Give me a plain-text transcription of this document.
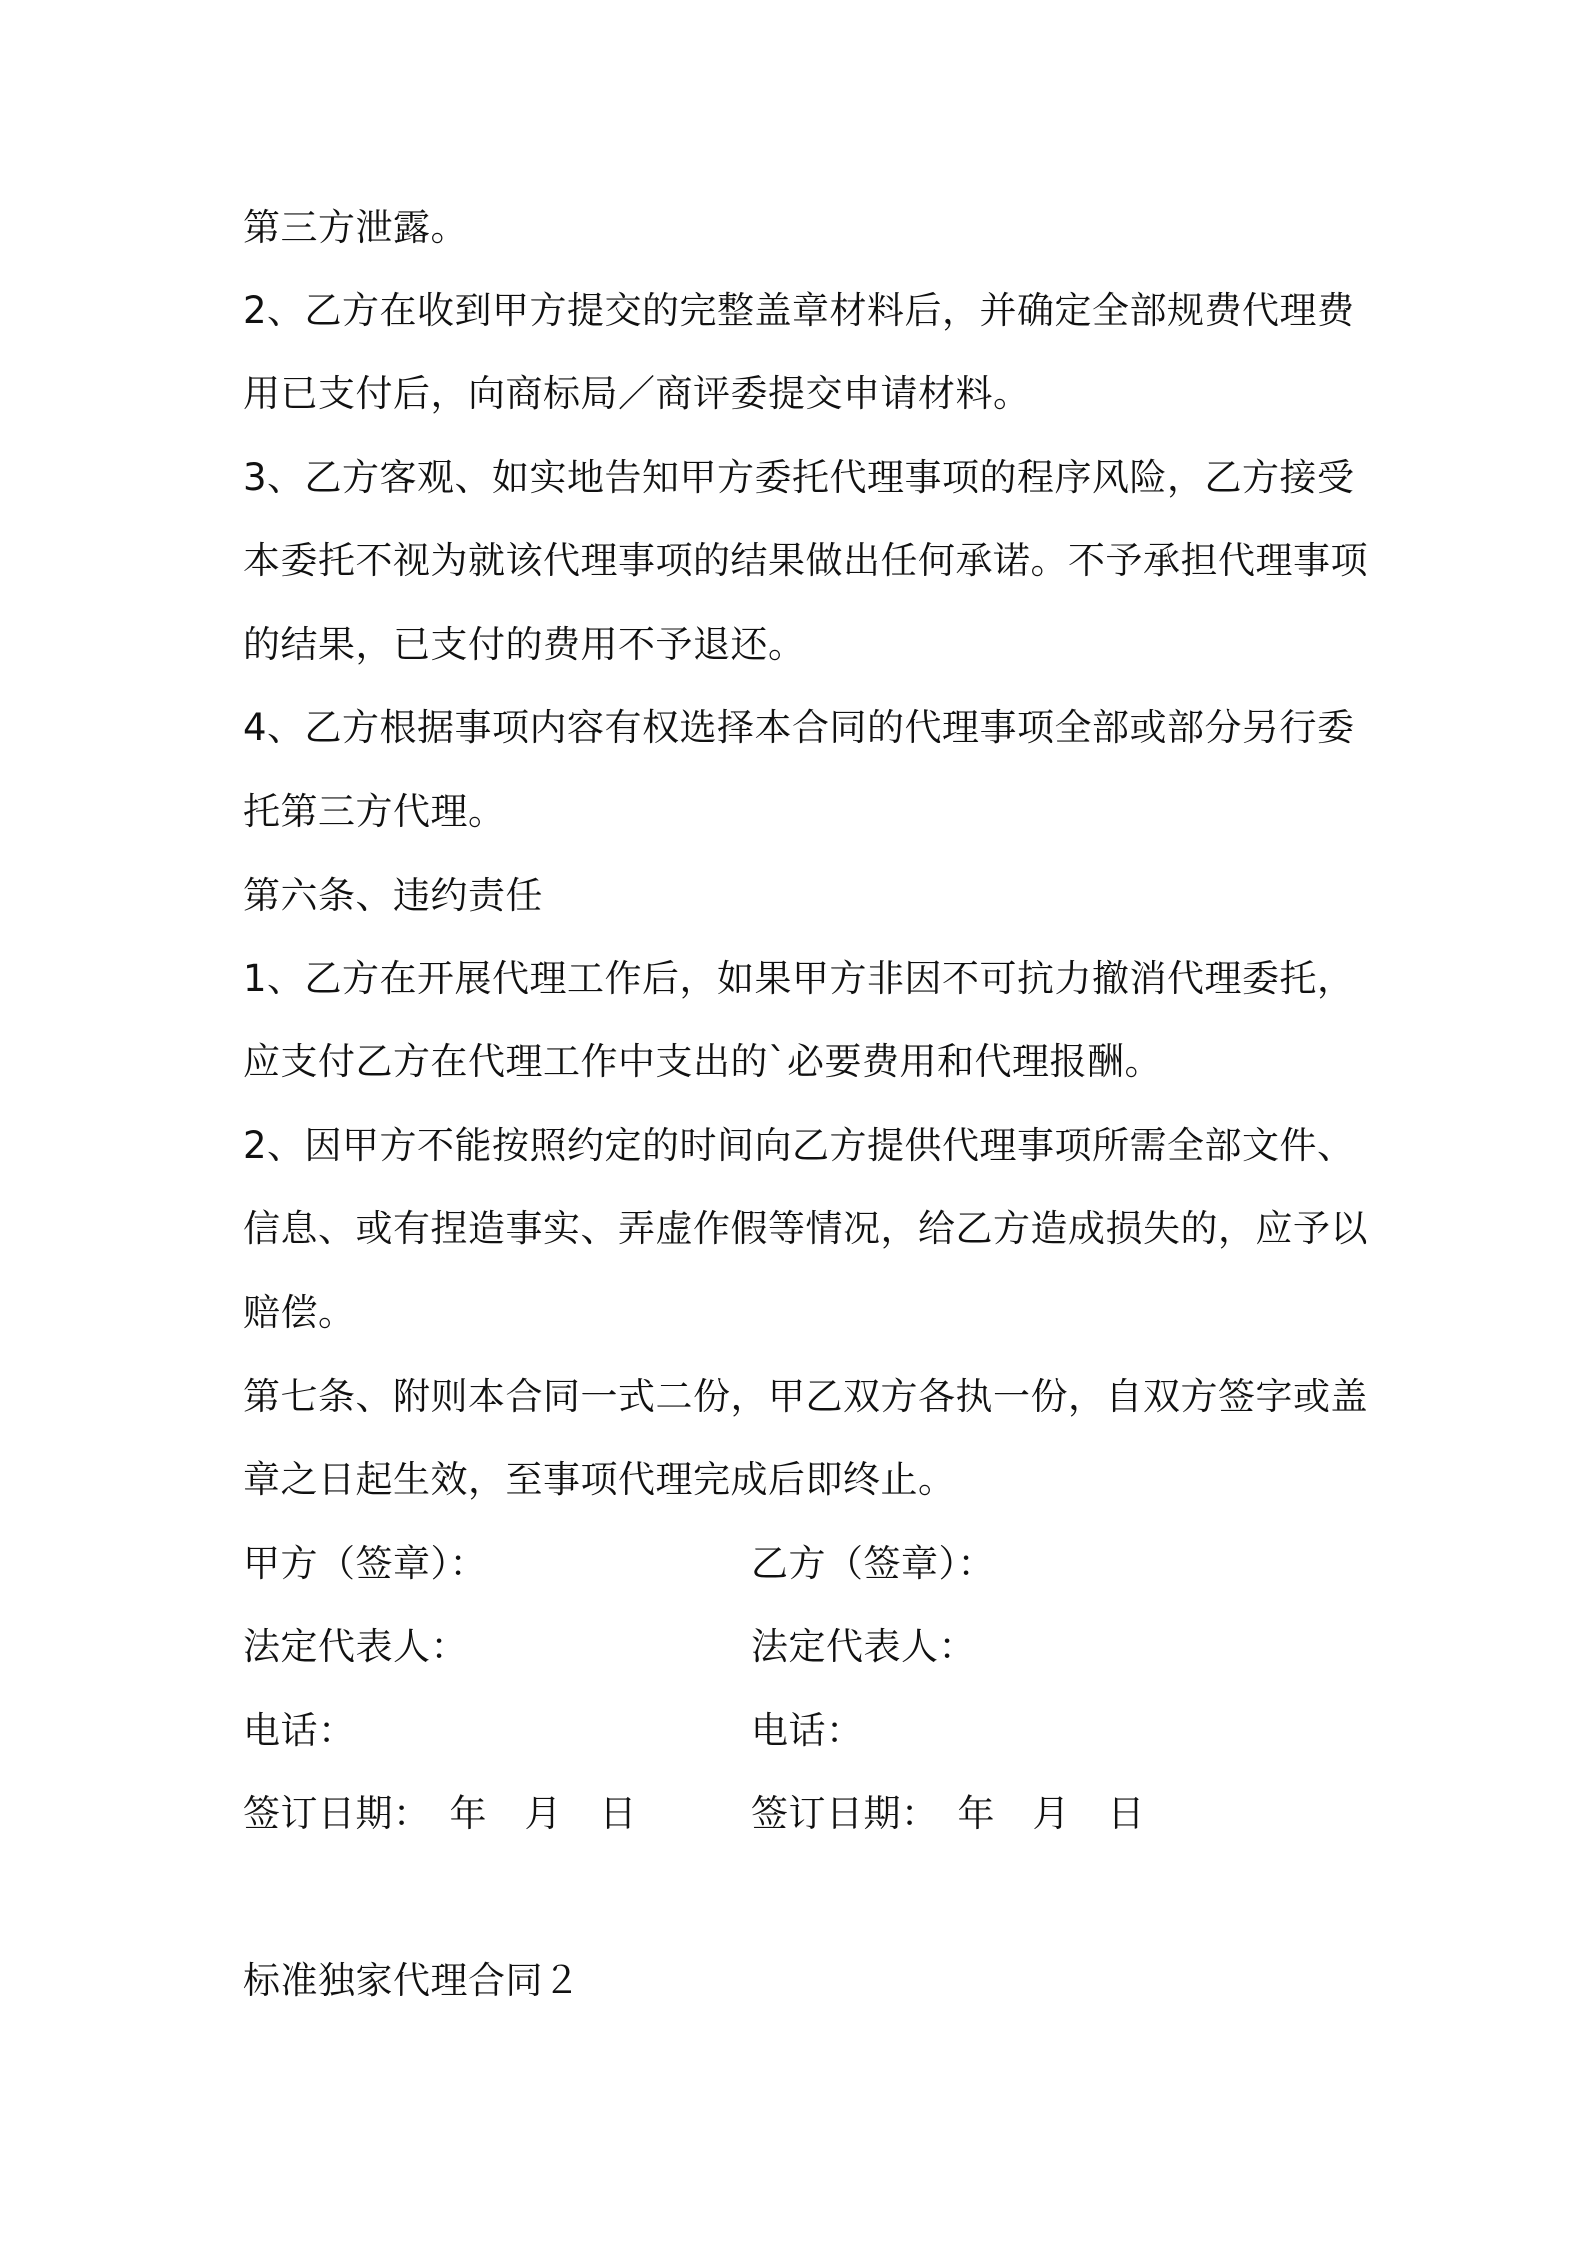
第三方泄露。
2、乙方在收到甲方提交的完整盖章材料后，并确定全部规费代理费
用已支付后，向商标局／商评委提交申请材料。
3、乙方客观、如实地告知甲方委托代理事项的程序风险，乙方接受
本委托不视为就该代理事项的结果做出任何承诺。不予承担代理事项
的结果，已支付的费用不予退还。
4、乙方根据事项内容有权选择本合同的代理事项全部或部分另行委
托第三方代理。
第六条、违约责任
1、乙方在开展代理工作后，如果甲方非因不可抗力撤消代理委托，
应支付乙方在代理工作中支出的`必要费用和代理报酬。
2、因甲方不能按照约定的时间向乙方提供代理事项所需全部文件、
信息、或有捏造事实、弄虚作假等情况，给乙方造成损失的，应予以
赔偿。
第七条、附则本合同一式二份，甲乙双方各执一份，自双方签字或盖
章之日起生效，至事项代理完成后即终止。
甲方（签章）：	乙方（签章）：
法定代表人：	法定代表人：
电话：	电话：
签订日期：　年　月　日	签订日期：　年　月　日
标准独家代理合同２
